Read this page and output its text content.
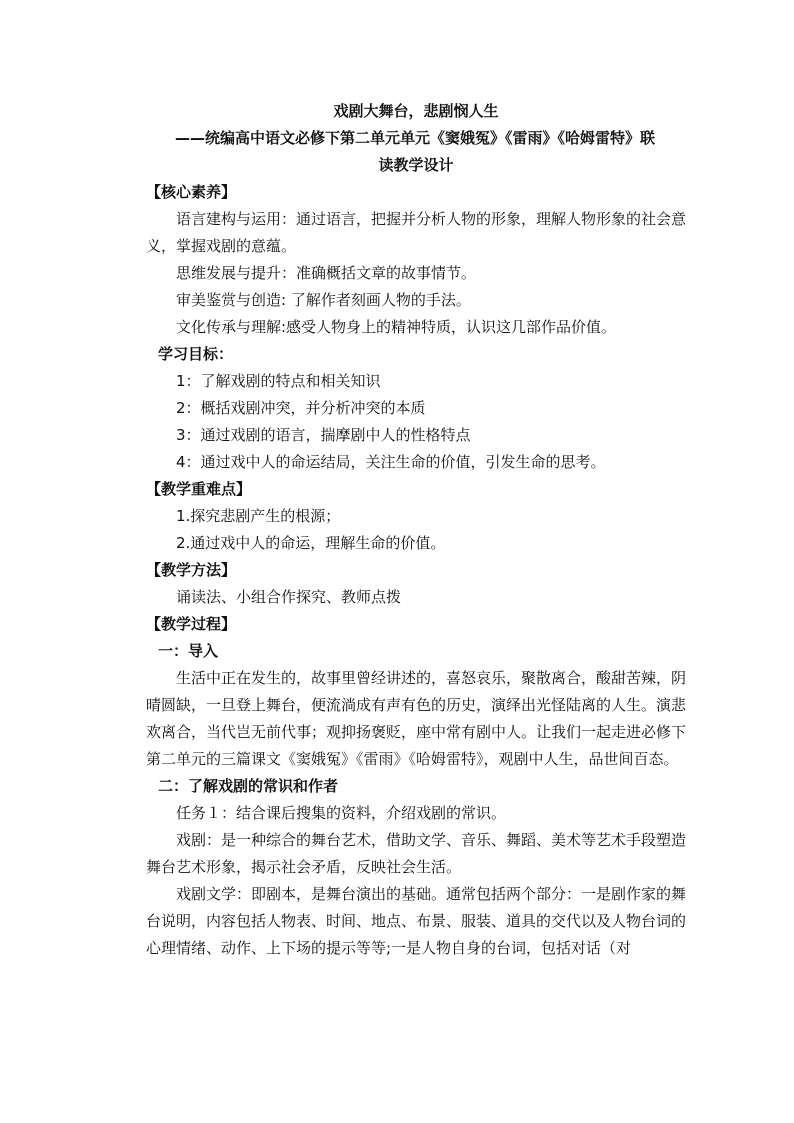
戏剧大舞台，悲剧悯人生
——统编高中语文必修下第二单元单元《窦娥冤》《雷雨》《哈姆雷特》联
读教学设计

【核心素养】

语言建构与运用：通过语言，把握并分析人物的形象，理解人物形象的社会意义，掌握戏剧的意蕴。

思维发展与提升：准确概括文章的故事情节。

审美鉴赏与创造: 了解作者刻画人物的手法。

文化传承与理解:感受人物身上的精神特质，认识这几部作品价值。

学习目标：

1：了解戏剧的特点和相关知识

2：概括戏剧冲突，并分析冲突的本质

3：通过戏剧的语言，揣摩剧中人的性格特点

4：通过戏中人的命运结局，关注生命的价值，引发生命的思考。

【教学重难点】

1.探究悲剧产生的根源；

2.通过戏中人的命运，理解生命的价值。

【教学方法】

诵读法、小组合作探究、教师点拨

【教学过程】

一：导入

生活中正在发生的，故事里曾经讲述的，喜怒哀乐，聚散离合，酸甜苦辣，阴晴圆缺，一旦登上舞台，便流淌成有声有色的历史，演绎出光怪陆离的人生。演悲欢离合，当代岂无前代事；观抑扬褒贬，座中常有剧中人。让我们一起走进必修下第二单元的三篇课文《窦娥冤》《雷雨》《哈姆雷特》，观剧中人生，品世间百态。

二：了解戏剧的常识和作者

任务１：结合课后搜集的资料，介绍戏剧的常识。

戏剧：是一种综合的舞台艺术，借助文学、音乐、舞蹈、美术等艺术手段塑造舞台艺术形象，揭示社会矛盾，反映社会生活。

戏剧文学：即剧本，是舞台演出的基础。通常包括两个部分：一是剧作家的舞台说明，内容包括人物表、时间、地点、布景、服装、道具的交代以及人物台词的心理情绪、动作、上下场的提示等等;一是人物自身的台词，包括对话（对
